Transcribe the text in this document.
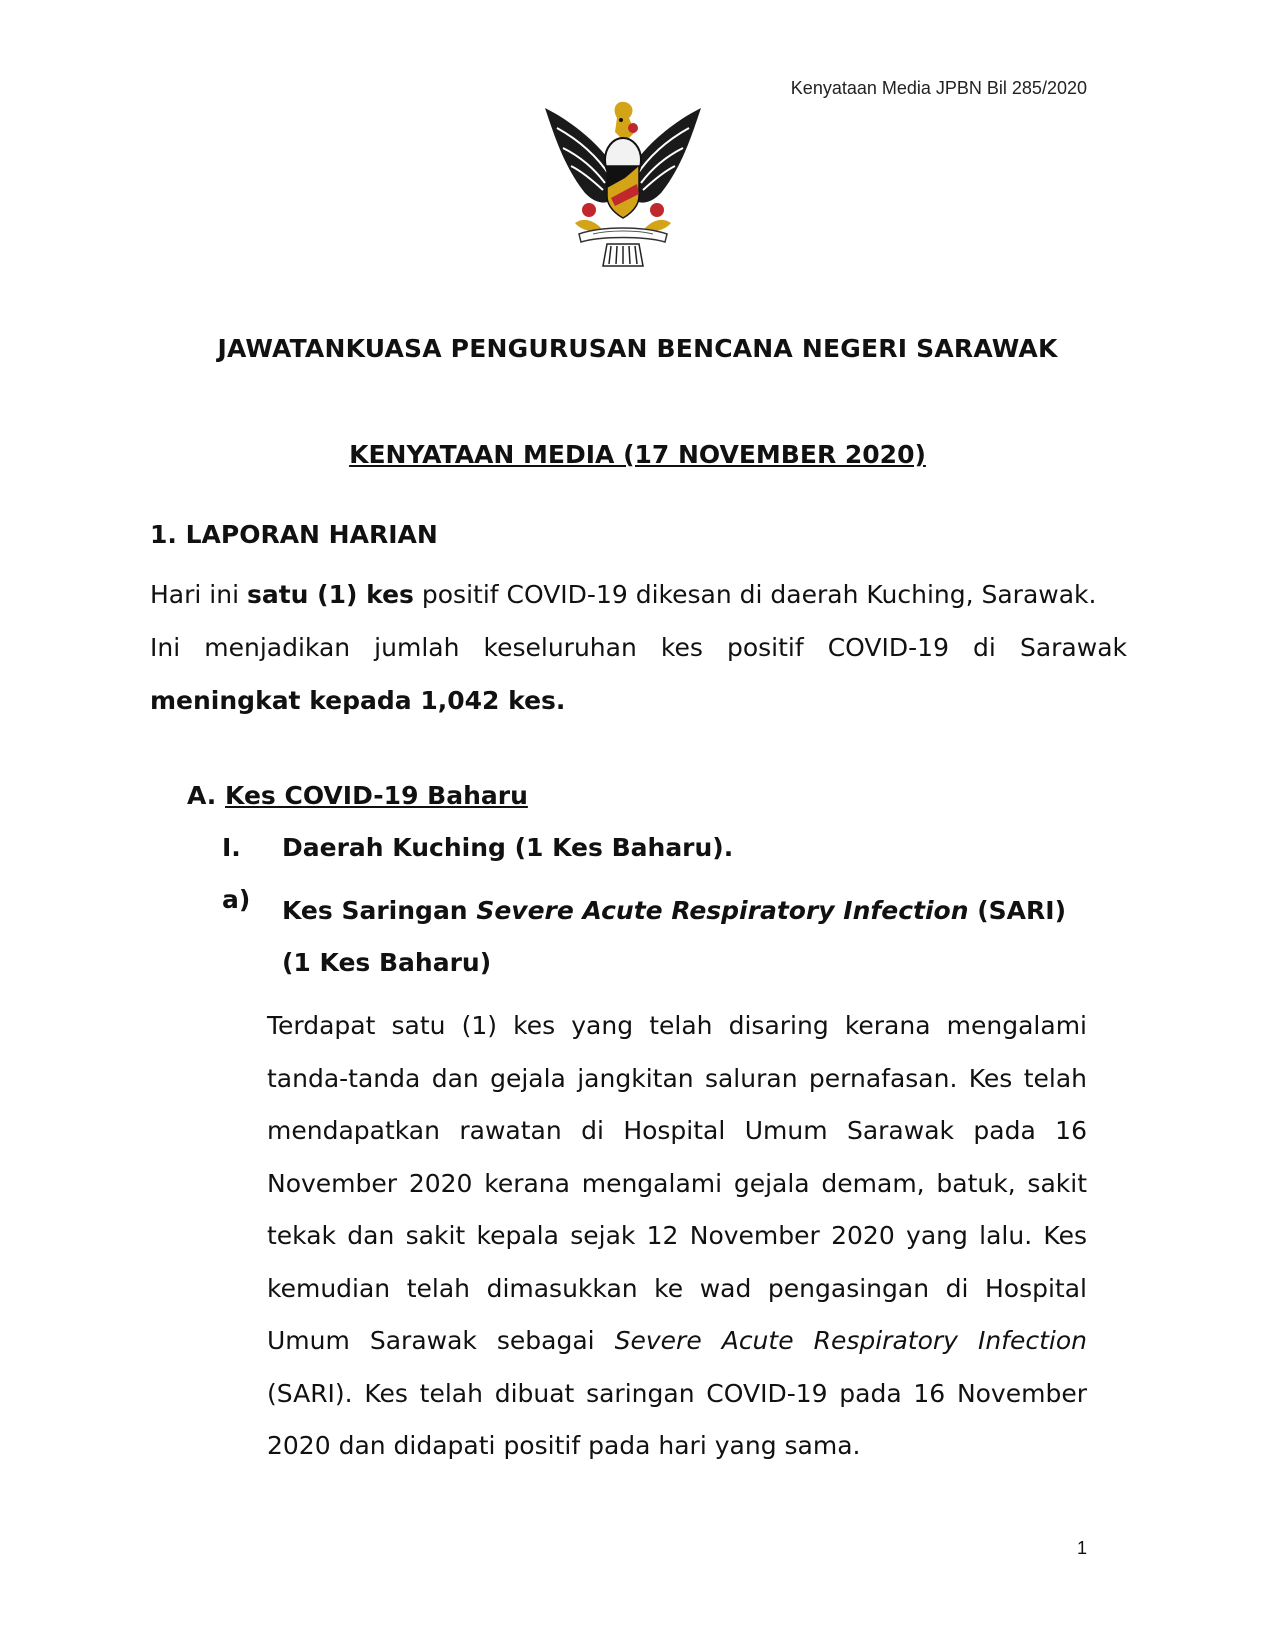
Kenyataan Media JPBN Bil 285/2020
JAWATANKUASA PENGURUSAN BENCANA NEGERI SARAWAK
KENYATAAN MEDIA (17 NOVEMBER 2020)
1. LAPORAN HARIAN
Hari ini satu (1) kes positif COVID-19 dikesan di daerah Kuching, Sarawak.
Ini menjadikan jumlah keseluruhan kes positif COVID-19 di Sarawak
meningkat kepada 1,042 kes.
A. Kes COVID-19 Baharu
I. Daerah Kuching (1 Kes Baharu).
a) Kes Saringan Severe Acute Respiratory Infection (SARI)
(1 Kes Baharu)
Terdapat satu (1) kes yang telah disaring kerana mengalami
tanda-tanda dan gejala jangkitan saluran pernafasan. Kes telah
mendapatkan rawatan di Hospital Umum Sarawak pada 16
November 2020 kerana mengalami gejala demam, batuk, sakit
tekak dan sakit kepala sejak 12 November 2020 yang lalu. Kes
kemudian telah dimasukkan ke wad pengasingan di Hospital
Umum Sarawak sebagai Severe Acute Respiratory Infection
(SARI). Kes telah dibuat saringan COVID-19 pada 16 November
2020 dan didapati positif pada hari yang sama.
1
